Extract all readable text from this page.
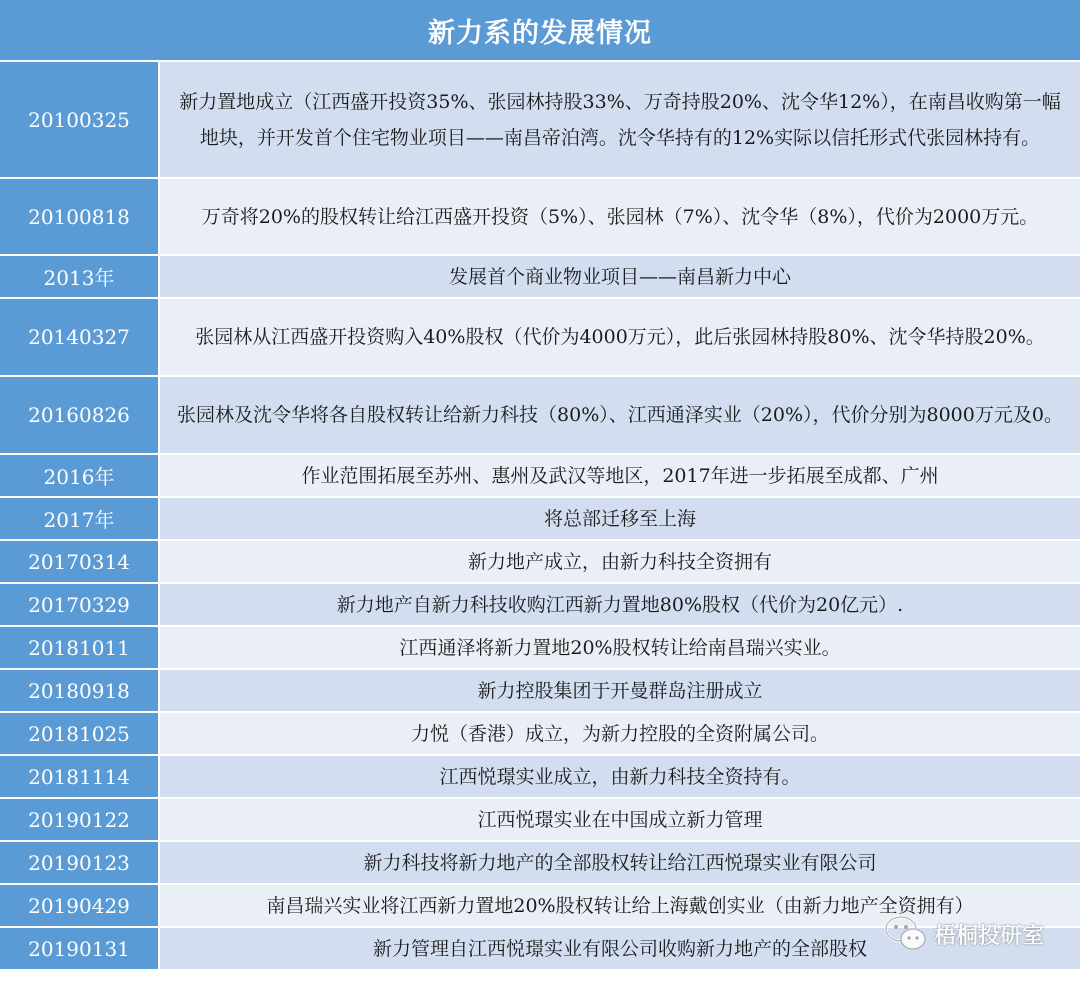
新力系的发展情况
20100325	新力置地成立（江西盛开投资35%、张园林持股33%、万奇持股20%、沈令华12%），在南昌收购第一幅地块，并开发首个住宅物业项目——南昌帝泊湾。沈令华持有的12%实际以信托形式代张园林持有。
20100818	万奇将20%的股权转让给江西盛开投资（5%）、张园林（7%）、沈令华（8%），代价为2000万元。
2013年	发展首个商业物业项目——南昌新力中心
20140327	张园林从江西盛开投资购入40%股权（代价为4000万元），此后张园林持股80%、沈令华持股20%。
20160826	张园林及沈令华将各自股权转让给新力科技（80%）、江西通泽实业（20%），代价分别为8000万元及0。
2016年	作业范围拓展至苏州、惠州及武汉等地区，2017年进一步拓展至成都、广州
2017年	将总部迁移至上海
20170314	新力地产成立，由新力科技全资拥有
20170329	新力地产自新力科技收购江西新力置地80%股权（代价为20亿元）.
20181011	江西通泽将新力置地20%股权转让给南昌瑞兴实业。
20180918	新力控股集团于开曼群岛注册成立
20181025	力悦（香港）成立，为新力控股的全资附属公司。
20181114	江西悦璟实业成立，由新力科技全资持有。
20190122	江西悦璟实业在中国成立新力管理
20190123	新力科技将新力地产的全部股权转让给江西悦璟实业有限公司
20190429	南昌瑞兴实业将江西新力置地20%股权转让给上海戴创实业（由新力地产全资拥有）
20190131	新力管理自江西悦璟实业有限公司收购新力地产的全部股权	梧桐投研室
